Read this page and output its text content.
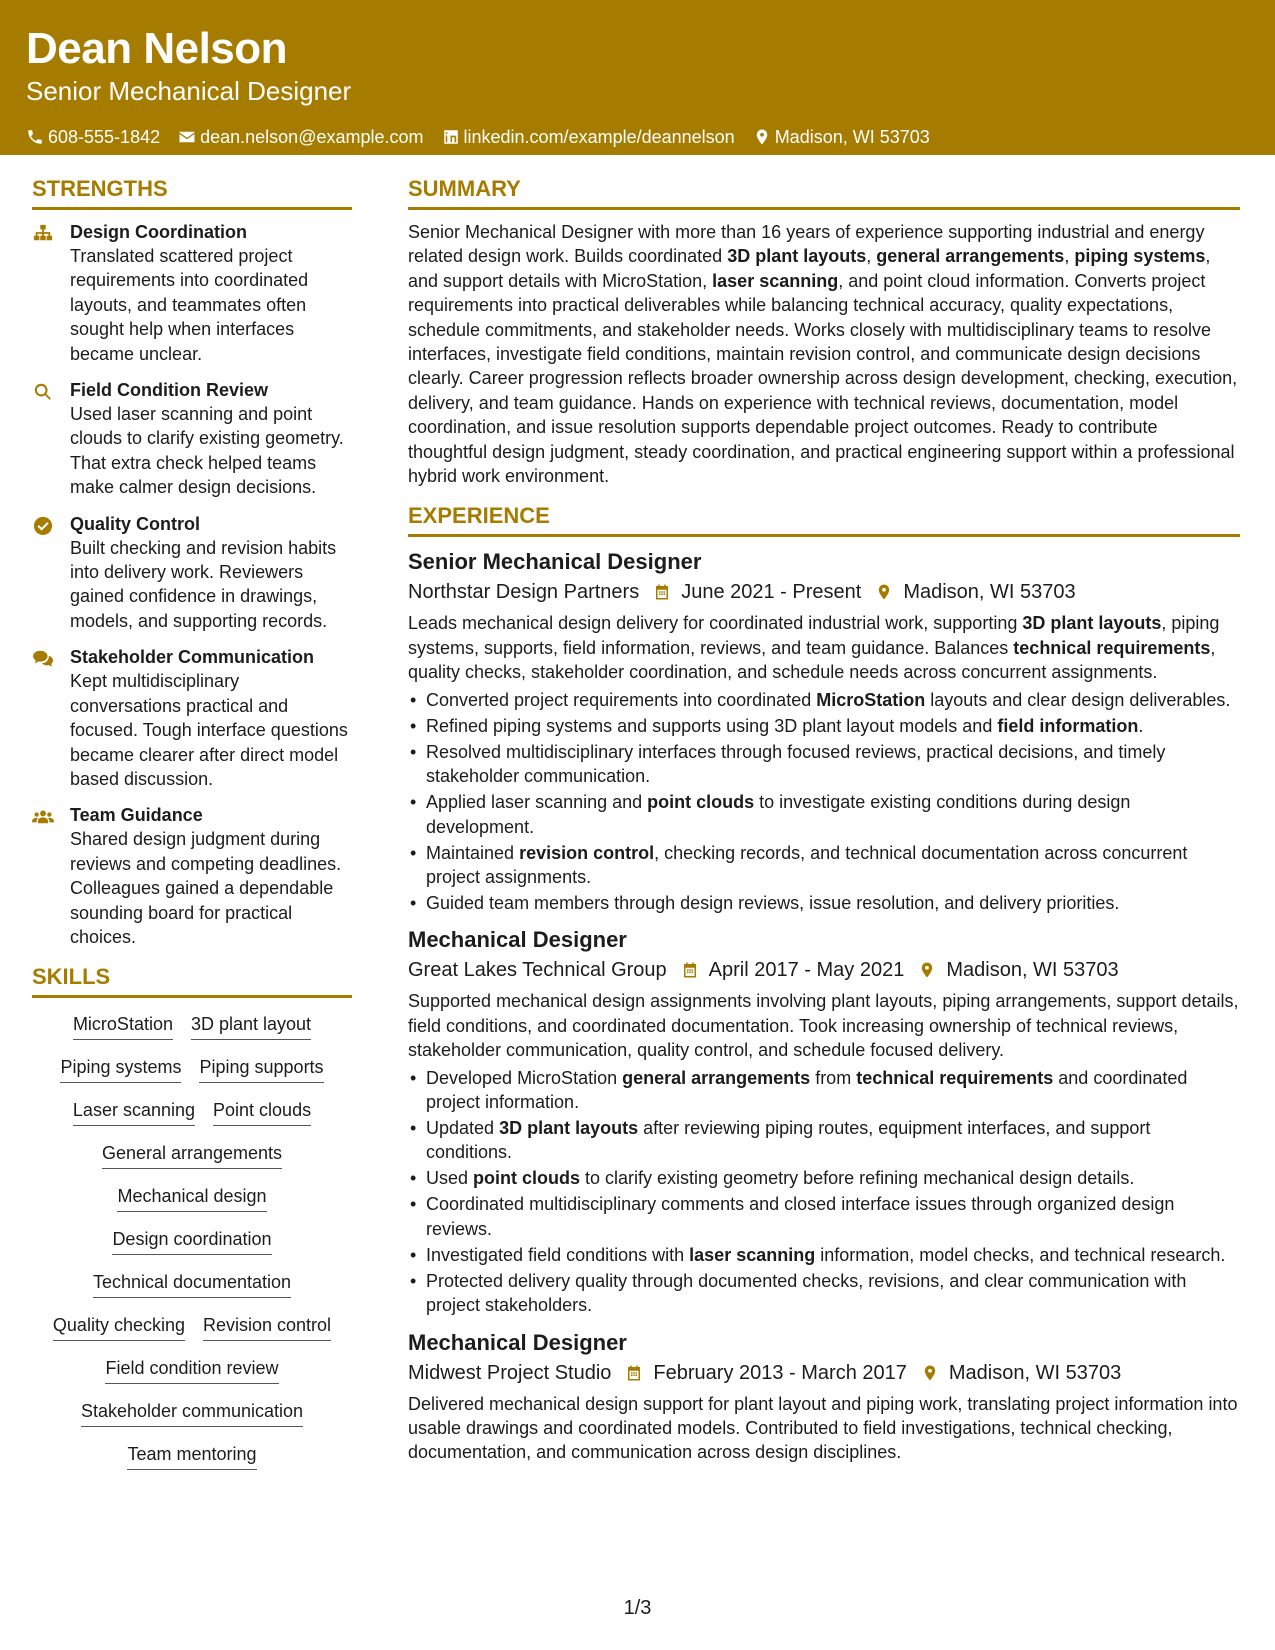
Dean Nelson
Senior Mechanical Designer
608-555-1842 dean.nelson@example.com linkedin.com/example/deannelson Madison, WI 53703
STRENGTHS
Design Coordination
Translated scattered project requirements into coordinated layouts, and teammates often sought help when interfaces became unclear.
Field Condition Review
Used laser scanning and point clouds to clarify existing geometry. That extra check helped teams make calmer design decisions.
Quality Control
Built checking and revision habits into delivery work. Reviewers gained confidence in drawings, models, and supporting records.
Stakeholder Communication
Kept multidisciplinary conversations practical and focused. Tough interface questions became clearer after direct model based discussion.
Team Guidance
Shared design judgment during reviews and competing deadlines. Colleagues gained a dependable sounding board for practical choices.
SKILLS
MicroStation 3D plant layout
Piping systems Piping supports
Laser scanning Point clouds
General arrangements
Mechanical design
Design coordination
Technical documentation
Quality checking Revision control
Field condition review
Stakeholder communication
Team mentoring
SUMMARY
Senior Mechanical Designer with more than 16 years of experience supporting industrial and energy related design work. Builds coordinated 3D plant layouts, general arrangements, piping systems, and support details with MicroStation, laser scanning, and point cloud information. Converts project requirements into practical deliverables while balancing technical accuracy, quality expectations, schedule commitments, and stakeholder needs. Works closely with multidisciplinary teams to resolve interfaces, investigate field conditions, maintain revision control, and communicate design decisions clearly. Career progression reflects broader ownership across design development, checking, execution, delivery, and team guidance. Hands on experience with technical reviews, documentation, model coordination, and issue resolution supports dependable project outcomes. Ready to contribute thoughtful design judgment, steady coordination, and practical engineering support within a professional hybrid work environment.
EXPERIENCE
Senior Mechanical Designer
Northstar Design Partners June 2021 - Present Madison, WI 53703
Leads mechanical design delivery for coordinated industrial work, supporting 3D plant layouts, piping systems, supports, field information, reviews, and team guidance. Balances technical requirements, quality checks, stakeholder coordination, and schedule needs across concurrent assignments.
• Converted project requirements into coordinated MicroStation layouts and clear design deliverables.
• Refined piping systems and supports using 3D plant layout models and field information.
• Resolved multidisciplinary interfaces through focused reviews, practical decisions, and timely stakeholder communication.
• Applied laser scanning and point clouds to investigate existing conditions during design development.
• Maintained revision control, checking records, and technical documentation across concurrent project assignments.
• Guided team members through design reviews, issue resolution, and delivery priorities.
Mechanical Designer
Great Lakes Technical Group April 2017 - May 2021 Madison, WI 53703
Supported mechanical design assignments involving plant layouts, piping arrangements, support details, field conditions, and coordinated documentation. Took increasing ownership of technical reviews, stakeholder communication, quality control, and schedule focused delivery.
• Developed MicroStation general arrangements from technical requirements and coordinated project information.
• Updated 3D plant layouts after reviewing piping routes, equipment interfaces, and support conditions.
• Used point clouds to clarify existing geometry before refining mechanical design details.
• Coordinated multidisciplinary comments and closed interface issues through organized design reviews.
• Investigated field conditions with laser scanning information, model checks, and technical research.
• Protected delivery quality through documented checks, revisions, and clear communication with project stakeholders.
Mechanical Designer
Midwest Project Studio February 2013 - March 2017 Madison, WI 53703
Delivered mechanical design support for plant layout and piping work, translating project information into usable drawings and coordinated models. Contributed to field investigations, technical checking, documentation, and communication across design disciplines.
1/3
